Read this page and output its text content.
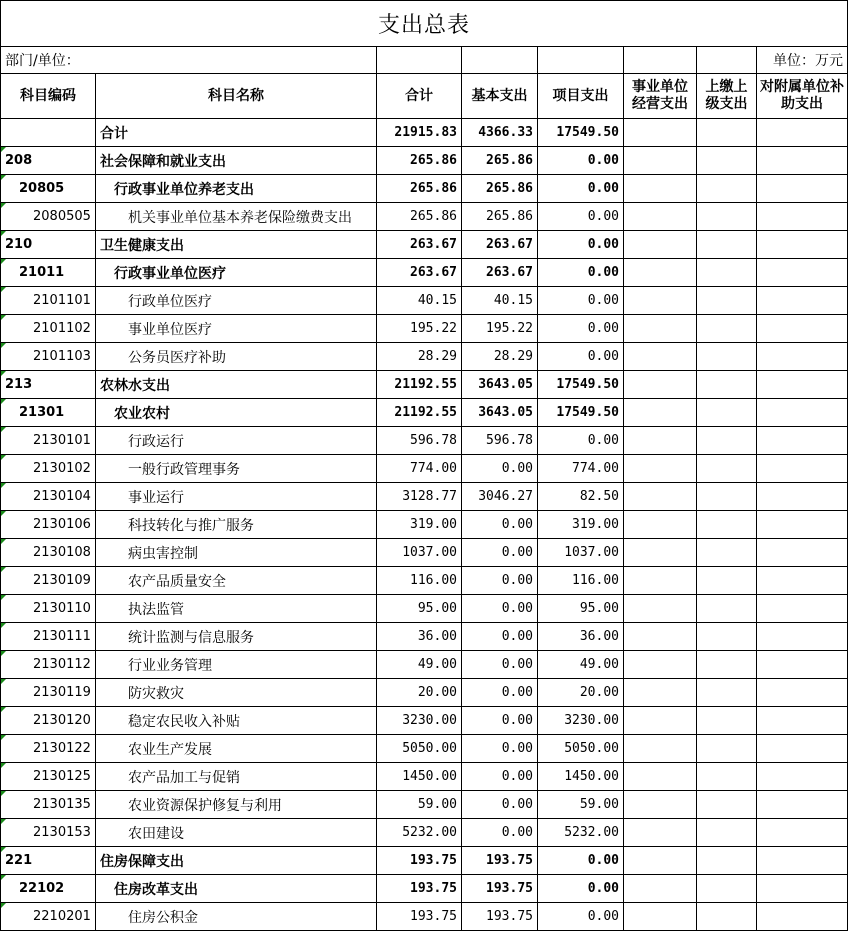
支出总表							
部门/单位：							单位：万元
科目编码	科目名称	合计	基本支出	项目支出	事业单位经营支出	上缴上级支出	对附属单位补助支出
	合计	21915.83	4366.33	17549.50			
208	社会保障和就业支出	265.86	265.86	0.00			
20805	行政事业单位养老支出	265.86	265.86	0.00			
2080505	机关事业单位基本养老保险缴费支出	265.86	265.86	0.00			
210	卫生健康支出	263.67	263.67	0.00			
21011	行政事业单位医疗	263.67	263.67	0.00			
2101101	行政单位医疗	40.15	40.15	0.00			
2101102	事业单位医疗	195.22	195.22	0.00			
2101103	公务员医疗补助	28.29	28.29	0.00			
213	农林水支出	21192.55	3643.05	17549.50			
21301	农业农村	21192.55	3643.05	17549.50			
2130101	行政运行	596.78	596.78	0.00			
2130102	一般行政管理事务	774.00	0.00	774.00			
2130104	事业运行	3128.77	3046.27	82.50			
2130106	科技转化与推广服务	319.00	0.00	319.00			
2130108	病虫害控制	1037.00	0.00	1037.00			
2130109	农产品质量安全	116.00	0.00	116.00			
2130110	执法监管	95.00	0.00	95.00			
2130111	统计监测与信息服务	36.00	0.00	36.00			
2130112	行业业务管理	49.00	0.00	49.00			
2130119	防灾救灾	20.00	0.00	20.00			
2130120	稳定农民收入补贴	3230.00	0.00	3230.00			
2130122	农业生产发展	5050.00	0.00	5050.00			
2130125	农产品加工与促销	1450.00	0.00	1450.00			
2130135	农业资源保护修复与利用	59.00	0.00	59.00			
2130153	农田建设	5232.00	0.00	5232.00			
221	住房保障支出	193.75	193.75	0.00			
22102	住房改革支出	193.75	193.75	0.00			
2210201	住房公积金	193.75	193.75	0.00			
